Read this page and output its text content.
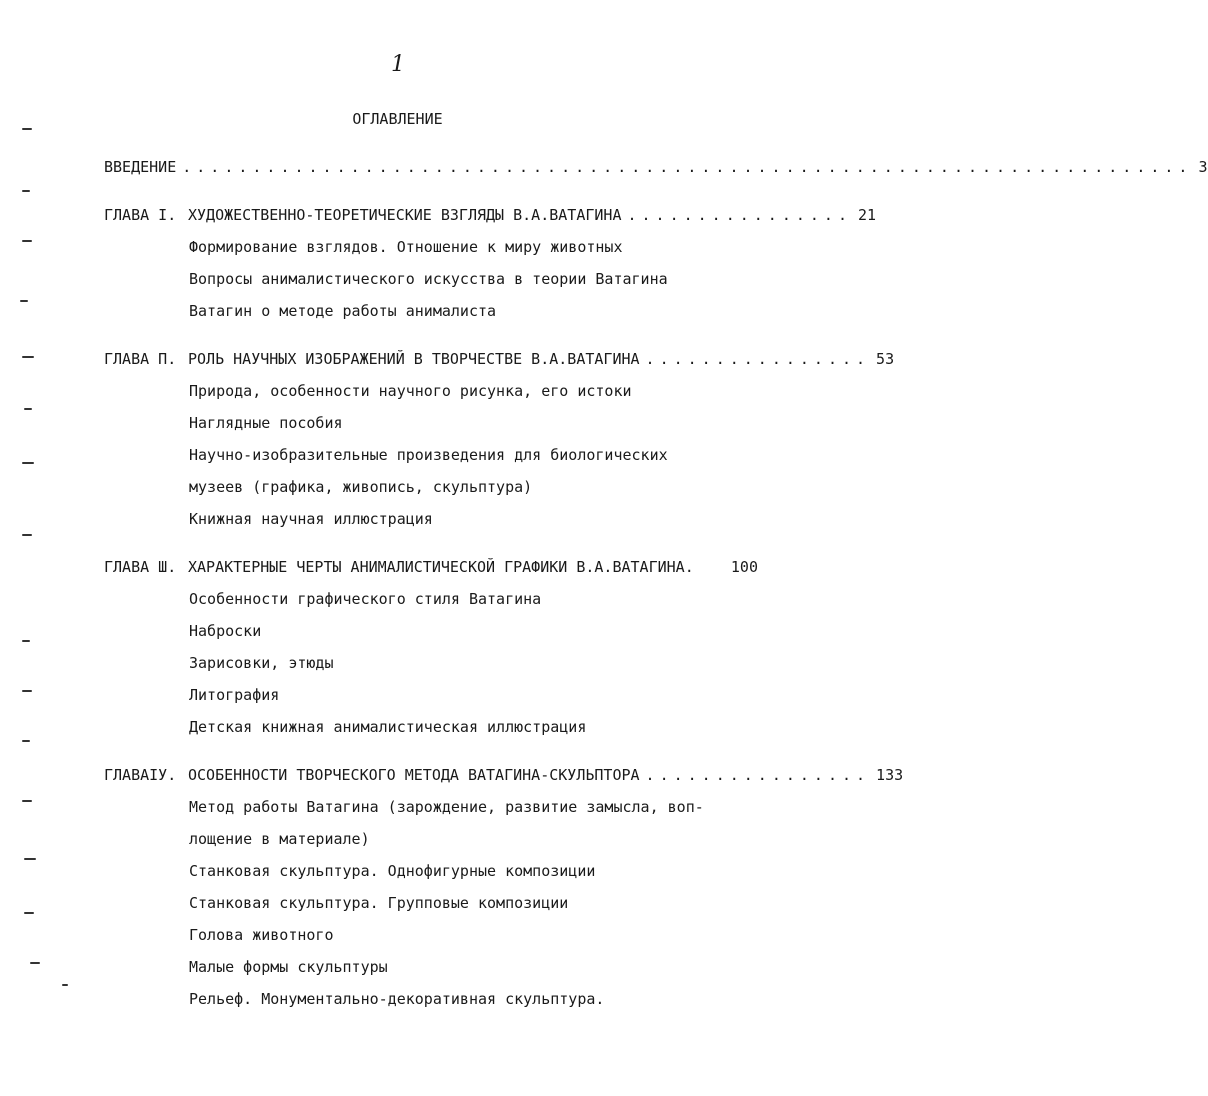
1
ОГЛАВЛЕНИЕ
ВВЕДЕНИЕ ........................................................................ 3
ГЛАВА I. ХУДОЖЕСТВЕННО-ТЕОРЕТИЧЕСКИЕ ВЗГЛЯДЫ В.А.ВАТАГИНА ................ 21
Формирование взглядов. Отношение к миру животных
Вопросы анималистического искусства в теории Ватагина
Ватагин о методе работы анималиста
ГЛАВА П. РОЛЬ НАУЧНЫХ ИЗОБРАЖЕНИЙ В ТВОРЧЕСТВЕ В.А.ВАТАГИНА ................ 53
Природа, особенности научного рисунка, его истоки
Наглядные пособия
Научно-изобразительные произведения для биологических
музеев (графика, живопись, скульптура)
Книжная научная иллюстрация
ГЛАВА Ш. ХАРАКТЕРНЫЕ ЧЕРТЫ АНИМАЛИСТИЧЕСКОЙ ГРАФИКИ В.А.ВАТАГИНА. 100
Особенности графического стиля Ватагина
Наброски
Зарисовки, этюды
Литография
Детская книжная анималистическая иллюстрация
ГЛАВАIУ. ОСОБЕННОСТИ ТВОРЧЕСКОГО МЕТОДА ВАТАГИНА-СКУЛЬПТОРА ................ 133
Метод работы Ватагина (зарождение, развитие замысла, воп-
лощение в материале)
Станковая скульптура. Однофигурные композиции
Станковая скульптура. Групповые композиции
Голова животного
Малые формы скульптуры
Рельеф. Монументально-декоративная скульптура.
